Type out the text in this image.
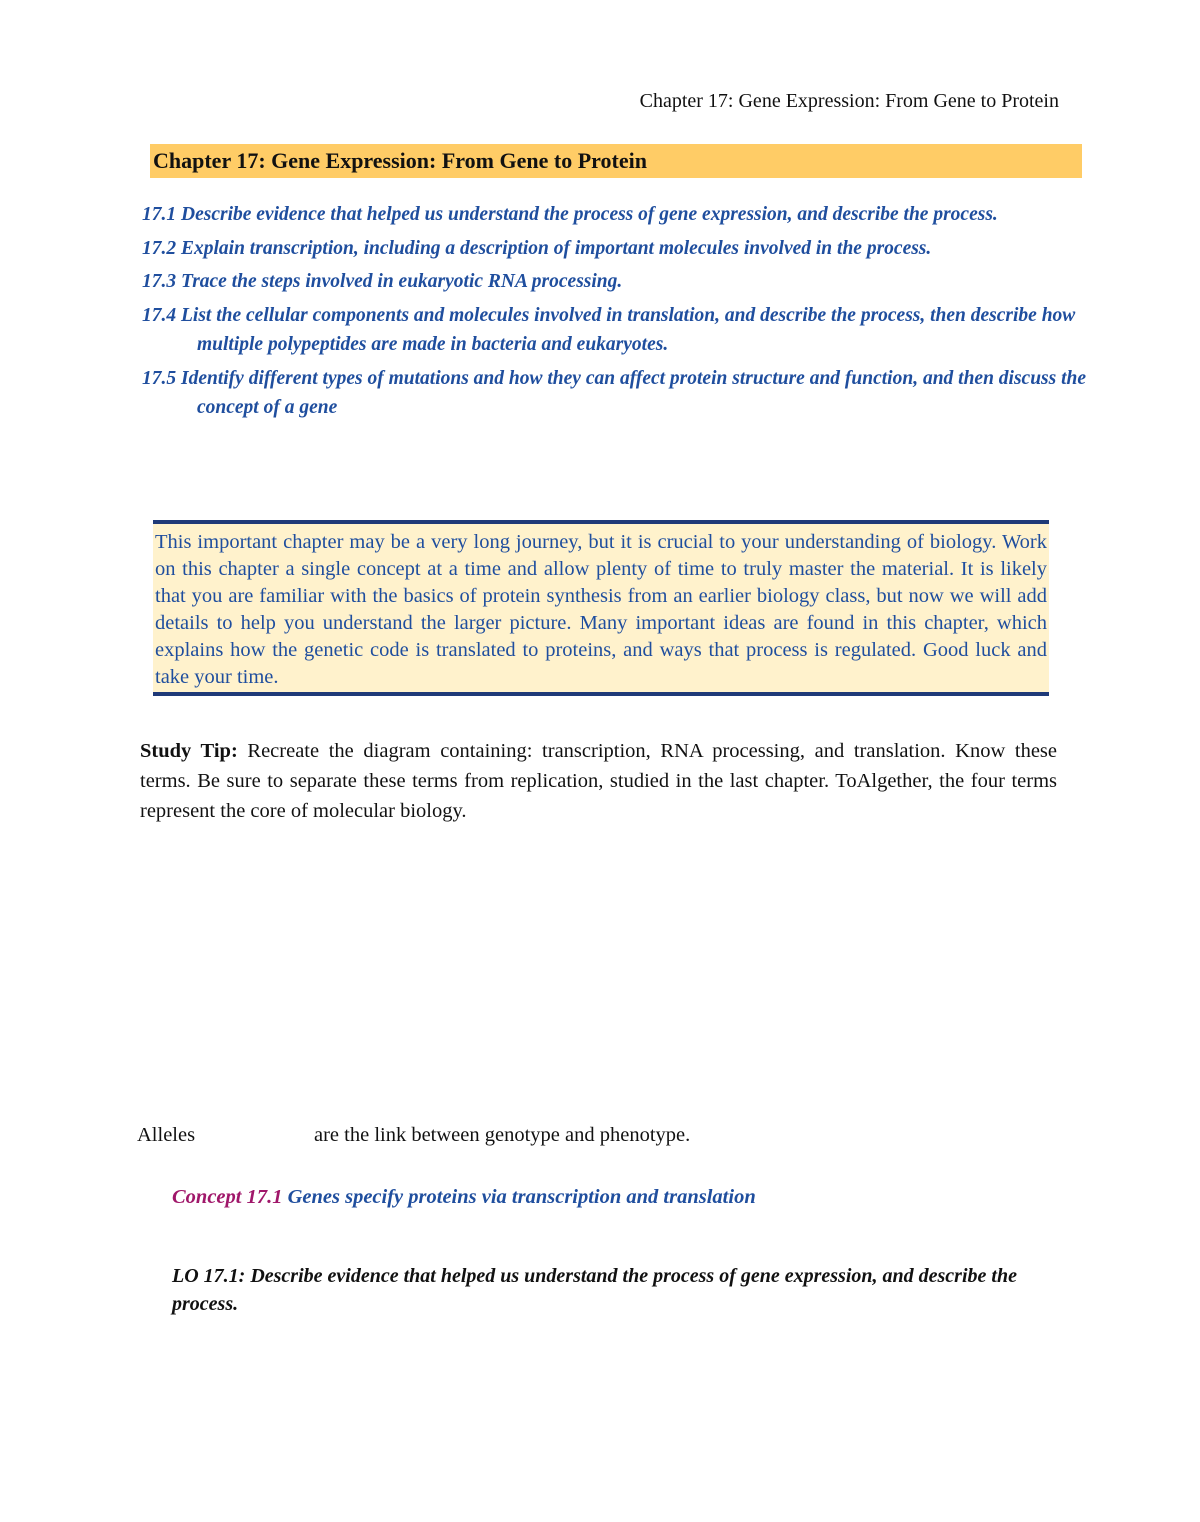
Chapter 17: Gene Expression: From Gene to Protein
Chapter 17: Gene Expression: From Gene to Protein
17.1 Describe evidence that helped us understand the process of gene expression, and describe the process.
17.2 Explain transcription, including a description of important molecules involved in the process.
17.3 Trace the steps involved in eukaryotic RNA processing.
17.4 List the cellular components and molecules involved in translation, and describe the process, then describe how multiple polypeptides are made in bacteria and eukaryotes.
17.5 Identify different types of mutations and how they can affect protein structure and function, and then discuss the concept of a gene

This important chapter may be a very long journey, but it is crucial to your understanding of biology. Work on this chapter a single concept at a time and allow plenty of time to truly master the material. It is likely that you are familiar with the basics of protein synthesis from an earlier biology class, but now we will add details to help you understand the larger picture. Many important ideas are found in this chapter, which explains how the genetic code is translated to proteins, and ways that process is regulated. Good luck and take your time.

Study Tip: Recreate the diagram containing: transcription, RNA processing, and translation. Know these terms. Be sure to separate these terms from replication, studied in the last chapter. ToAlgether, the four terms represent the core of molecular biology.

Alleles	are the link between genotype and phenotype.
Concept 17.1 Genes specify proteins via transcription and translation

LO 17.1: Describe evidence that helped us understand the process of gene expression, and describe the process.
